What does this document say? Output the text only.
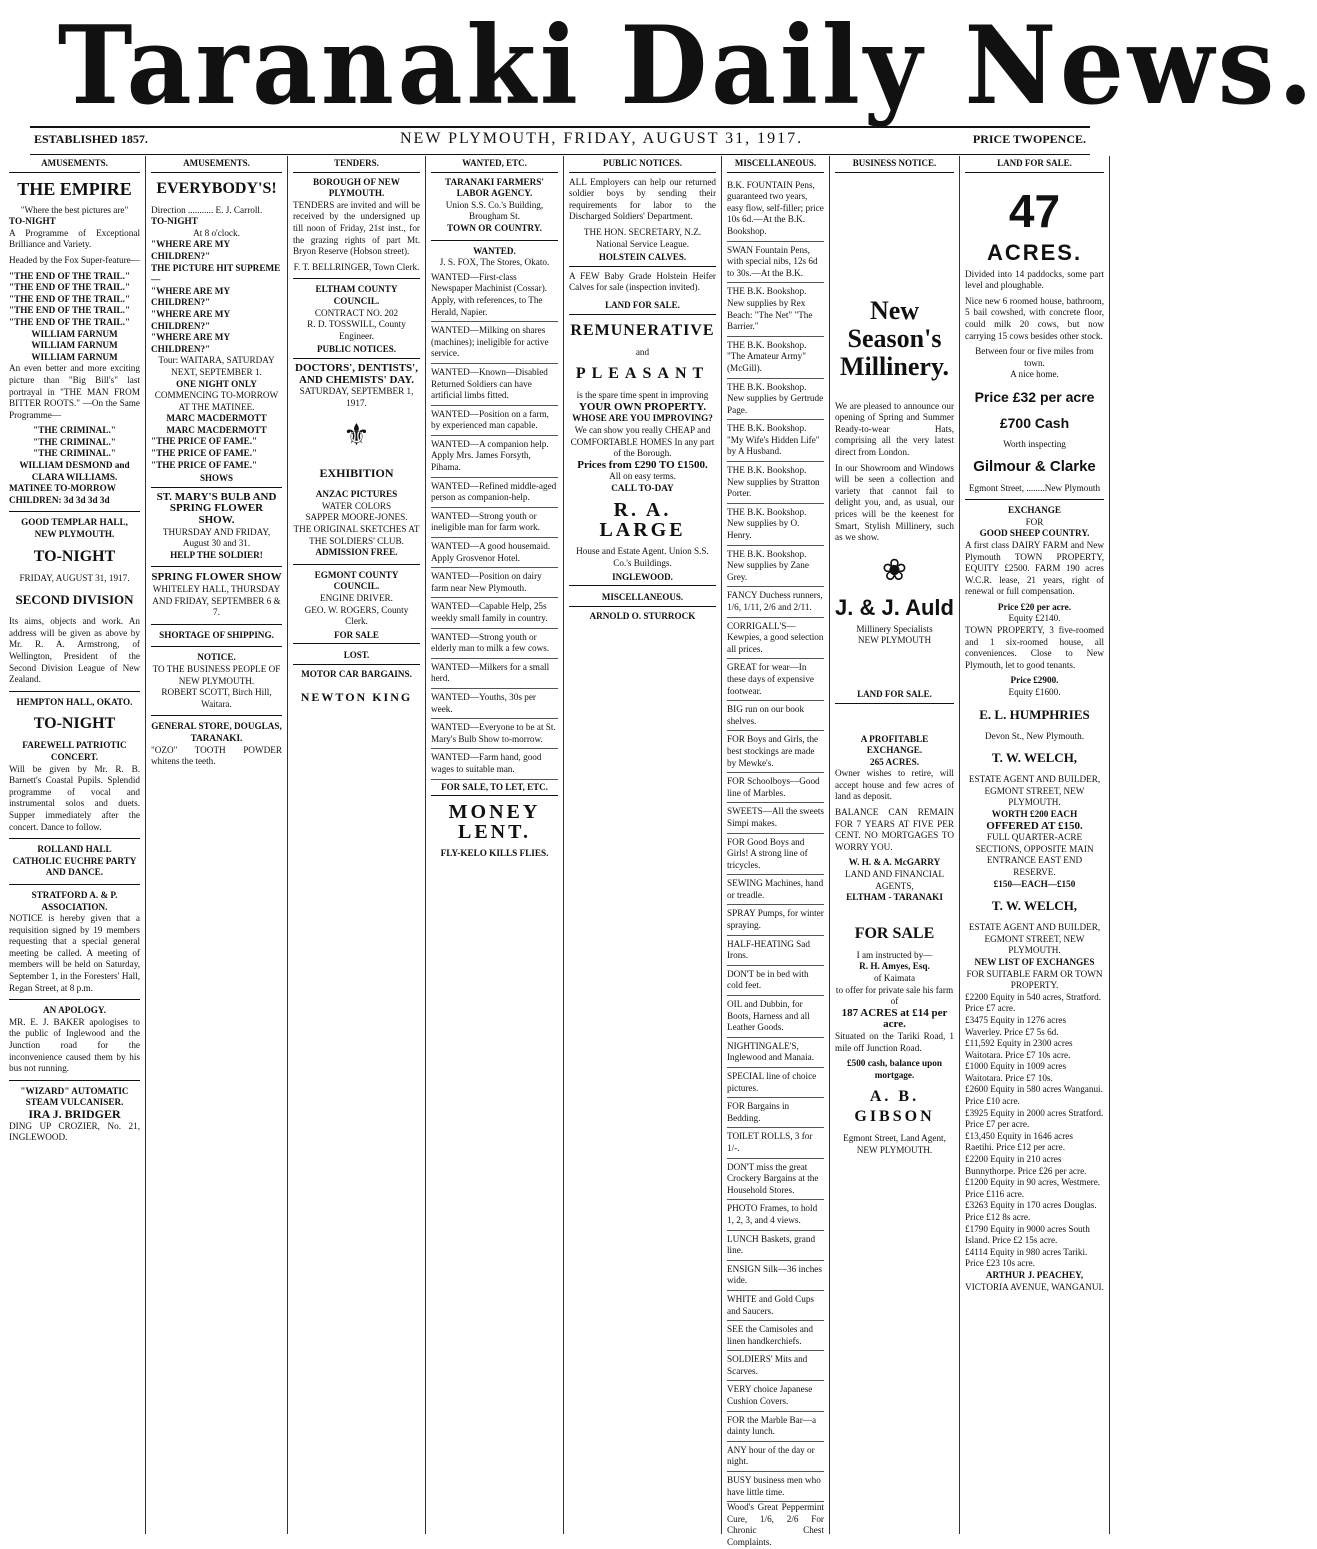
Taranaki Daily News.
ESTABLISHED 1857.	NEW PLYMOUTH, FRIDAY, AUGUST 31, 1917.	PRICE TWOPENCE.
AMUSEMENTS.
THE EMPIRE
"Where the best pictures are"
TO-NIGHT
A Programme of Exceptional Brilliance and Variety.
Headed by the Fox Super-feature—
"THE END OF THE TRAIL."
"THE END OF THE TRAIL."
"THE END OF THE TRAIL."
"THE END OF THE TRAIL."
"THE END OF THE TRAIL."
WILLIAM FARNUM
WILLIAM FARNUM
WILLIAM FARNUM
An even better and more exciting picture than "Big Bill's" last portrayal in "THE MAN FROM BITTER ROOTS." —On the Same Programme—
"THE CRIMINAL."
"THE CRIMINAL."
"THE CRIMINAL."
WILLIAM DESMOND and CLARA WILLIAMS.
MATINEE TO-MORROW
CHILDREN: 3d 3d 3d 3d
GOOD TEMPLAR HALL, NEW PLYMOUTH.
TO-NIGHT
FRIDAY, AUGUST 31, 1917.
SECOND DIVISION
Its aims, objects and work. An address will be given as above by Mr. R. A. Armstrong, of Wellington, President of the Second Division League of New Zealand.
HEMPTON HALL, OKATO.
TO-NIGHT
FAREWELL PATRIOTIC CONCERT.
Will be given by Mr. R. B. Barnett's Coastal Pupils. Splendid programme of vocal and instrumental solos and duets. Supper immediately after the concert. Dance to follow.
ROLLAND HALL
CATHOLIC EUCHRE PARTY AND DANCE.
STRATFORD A. & P. ASSOCIATION.
NOTICE is hereby given that a requisition signed by 19 members requesting that a special general meeting be called. A meeting of members will be held on Saturday, September 1, in the Foresters' Hall, Regan Street, at 8 p.m.
AN APOLOGY.
MR. E. J. BAKER apologises to the public of Inglewood and the Junction road for the inconvenience caused them by his bus not running.
"WIZARD" AUTOMATIC STEAM VULCANISER.
IRA J. BRIDGER
DING UP CROZIER, No. 21, INGLEWOOD.
AMUSEMENTS.
EVERYBODY'S!
Direction ........... E. J. Carroll.
TO-NIGHT
At 8 o'clock.
"WHERE ARE MY CHILDREN?"
THE PICTURE HIT SUPREME—
"WHERE ARE MY CHILDREN?"
"WHERE ARE MY CHILDREN?"
"WHERE ARE MY CHILDREN?"
Tour: WAITARA, SATURDAY NEXT, SEPTEMBER 1.
ONE NIGHT ONLY
COMMENCING TO-MORROW AT THE MATINEE.
MARC MACDERMOTT
MARC MACDERMOTT
"THE PRICE OF FAME."
"THE PRICE OF FAME."
"THE PRICE OF FAME."
SHOWS
ST. MARY'S BULB AND SPRING FLOWER SHOW.
THURSDAY AND FRIDAY, August 30 and 31.
HELP THE SOLDIER!
SPRING FLOWER SHOW
WHITELEY HALL, THURSDAY AND FRIDAY, SEPTEMBER 6 & 7.
SHORTAGE OF SHIPPING.
NOTICE.
TO THE BUSINESS PEOPLE OF NEW PLYMOUTH.
ROBERT SCOTT, Birch Hill, Waitara.
GENERAL STORE, DOUGLAS, TARANAKI.
"OZO" TOOTH POWDER whitens the teeth.
TENDERS.
BOROUGH OF NEW PLYMOUTH.
TENDERS are invited and will be received by the undersigned up till noon of Friday, 21st inst., for the grazing rights of part Mt. Bryon Reserve (Hobson street).
F. T. BELLRINGER, Town Clerk.
ELTHAM COUNTY COUNCIL.
CONTRACT NO. 202
R. D. TOSSWILL, County Engineer.
PUBLIC NOTICES.
DOCTORS', DENTISTS', AND CHEMISTS' DAY.
SATURDAY, SEPTEMBER 1, 1917.
⚜
EXHIBITION
ANZAC PICTURES
WATER COLORS
SAPPER MOORE-JONES.
THE ORIGINAL SKETCHES AT THE SOLDIERS' CLUB.
ADMISSION FREE.
EGMONT COUNTY COUNCIL.
ENGINE DRIVER.
GEO. W. ROGERS, County Clerk.
FOR SALE
LOST.
MOTOR CAR BARGAINS.
NEWTON KING
WANTED, ETC.
TARANAKI FARMERS' LABOR AGENCY.
Union S.S. Co.'s Building, Brougham St.
TOWN OR COUNTRY.
WANTED.
J. S. FOX, The Stores, Okato.
WANTED—First-class Newspaper Machinist (Cossar). Apply, with references, to The Herald, Napier.
WANTED—Milking on shares (machines); ineligible for active service.
WANTED—Known—Disabled Returned Soldiers can have artificial limbs fitted.
WANTED—Position on a farm, by experienced man capable.
WANTED—A companion help. Apply Mrs. James Forsyth, Pihama.
WANTED—Refined middle-aged person as companion-help.
WANTED—Strong youth or ineligible man for farm work.
WANTED—A good housemaid. Apply Grosvenor Hotel.
WANTED—Position on dairy farm near New Plymouth.
WANTED—Capable Help, 25s weekly small family in country.
WANTED—Strong youth or elderly man to milk a few cows.
WANTED—Milkers for a small herd.
WANTED—Youths, 30s per week.
WANTED—Everyone to be at St. Mary's Bulb Show to-morrow.
WANTED—Farm hand, good wages to suitable man.
FOR SALE, TO LET, ETC.
MONEY LENT.
FLY-KELO KILLS FLIES.
PUBLIC NOTICES.
ALL Employers can help our returned soldier boys by sending their requirements for labor to the Discharged Soldiers' Department.
THE HON. SECRETARY, N.Z. National Service League.
HOLSTEIN CALVES.
A FEW Baby Grade Holstein Heifer Calves for sale (inspection invited).
LAND FOR SALE.
REMUNERATIVE
and
PLEASANT
is the spare time spent in improving
YOUR OWN PROPERTY.
WHOSE ARE YOU IMPROVING?
We can show you really CHEAP and COMFORTABLE HOMES In any part of the Borough.
Prices from £290 TO £1500.
All on easy terms.
CALL TO-DAY
R. A. LARGE
House and Estate Agent. Union S.S. Co.'s Buildings.
INGLEWOOD.
MISCELLANEOUS.
ARNOLD O. STURROCK
MISCELLANEOUS.
B.K. FOUNTAIN Pens, guaranteed two years, easy flow, self-filler; price 10s 6d.—At the B.K. Bookshop.
SWAN Fountain Pens, with special nibs, 12s 6d to 30s.—At the B.K.
THE B.K. Bookshop. New supplies by Rex Beach: "The Net" "The Barrier."
THE B.K. Bookshop. "The Amateur Army" (McGill).
THE B.K. Bookshop. New supplies by Gertrude Page.
THE B.K. Bookshop. "My Wife's Hidden Life" by A Husband.
THE B.K. Bookshop. New supplies by Stratton Porter.
THE B.K. Bookshop. New supplies by O. Henry.
THE B.K. Bookshop. New supplies by Zane Grey.
FANCY Duchess runners, 1/6, 1/11, 2/6 and 2/11.
CORRIGALL'S—Kewpies, a good selection all prices.
GREAT for wear—In these days of expensive footwear.
BIG run on our book shelves.
FOR Boys and Girls, the best stockings are made by Mewke's.
FOR Schoolboys—Good line of Marbles.
SWEETS—All the sweets Simpi makes.
FOR Good Boys and Girls! A strong line of tricycles.
SEWING Machines, hand or treadle.
SPRAY Pumps, for winter spraying.
HALF-HEATING Sad Irons.
DON'T be in bed with cold feet.
OIL and Dubbin, for Boots, Harness and all Leather Goods.
NIGHTINGALE'S, Inglewood and Manaia.
SPECIAL line of choice pictures.
FOR Bargains in Bedding.
TOILET ROLLS, 3 for 1/-.
DON'T miss the great Crockery Bargains at the Household Stores.
PHOTO Frames, to hold 1, 2, 3, and 4 views.
LUNCH Baskets, grand line.
ENSIGN Silk—36 inches wide.
WHITE and Gold Cups and Saucers.
SEE the Camisoles and linen handkerchiefs.
SOLDIERS' Mits and Scarves.
VERY choice Japanese Cushion Covers.
FOR the Marble Bar—a dainty lunch.
ANY hour of the day or night.
BUSY business men who have little time.
Wood's Great Peppermint Cure, 1/6, 2/6 For Chronic Chest Complaints.
BUSINESS NOTICE.
New
Season's
Millinery.
We are pleased to announce our opening of Spring and Summer Ready-to-wear Hats, comprising all the very latest direct from London.
In our Showroom and Windows will be seen a collection and variety that cannot fail to delight you, and, as usual, our prices will be the keenest for Smart, Stylish Millinery, such as we show.
❀
J. & J. Auld
Millinery Specialists
NEW PLYMOUTH
LAND FOR SALE.
A PROFITABLE EXCHANGE.
265 ACRES.
Owner wishes to retire, will accept house and few acres of land as deposit.
BALANCE CAN REMAIN FOR 7 YEARS AT FIVE PER CENT. NO MORTGAGES TO WORRY YOU.
W. H. & A. McGARRY
LAND AND FINANCIAL AGENTS,
ELTHAM - TARANAKI
FOR SALE
I am instructed by—
R. H. Amyes, Esq.
of Kaimata
to offer for private sale his farm of
187 ACRES at £14 per acre.
Situated on the Tariki Road, 1 mile off Junction Road.
£500 cash, balance upon mortgage.
A. B. GIBSON
Egmont Street, Land Agent, NEW PLYMOUTH.
LAND FOR SALE.
47
ACRES.
Divided into 14 paddocks, some part level and ploughable.
Nice new 6 roomed house, bathroom, 5 bail cowshed, with concrete floor, could milk 20 cows, but now carrying 15 cows besides other stock.
Between four or five miles from town.
A nice home.
Price £32 per acre
£700 Cash
Worth inspecting
Gilmour & Clarke
Egmont Street, ........New Plymouth
EXCHANGE
FOR
GOOD SHEEP COUNTRY.
A first class DAIRY FARM and New Plymouth TOWN PROPERTY, EQUITY £2500. FARM 190 acres W.C.R. lease, 21 years, right of renewal or full compensation.
Price £20 per acre.
Equity £2140.
TOWN PROPERTY, 3 five-roomed and 1 six-roomed house, all conveniences. Close to New Plymouth, let to good tenants.
Price £2900.
Equity £1600.
E. L. HUMPHRIES
Devon St., New Plymouth.
T. W. WELCH,
ESTATE AGENT AND BUILDER, EGMONT STREET, NEW PLYMOUTH.
WORTH £200 EACH
OFFERED AT £150.
FULL QUARTER-ACRE SECTIONS, OPPOSITE MAIN ENTRANCE EAST END RESERVE.
£150—EACH—£150
T. W. WELCH,
ESTATE AGENT AND BUILDER, EGMONT STREET, NEW PLYMOUTH.
NEW LIST OF EXCHANGES
FOR SUITABLE FARM OR TOWN PROPERTY.
£2200 Equity in 540 acres, Stratford. Price £7 acre.
£3475 Equity in 1276 acres Waverley. Price £7 5s 6d.
£11,592 Equity in 2300 acres Waitotara. Price £7 10s acre.
£1000 Equity in 1009 acres Waitotara. Price £7 10s.
£2600 Equity in 580 acres Wanganui. Price £10 acre.
£3925 Equity in 2000 acres Stratford. Price £7 per acre.
£13,450 Equity in 1646 acres Raetihi. Price £12 per acre.
£2200 Equity in 210 acres Bunnythorpe. Price £26 per acre.
£1200 Equity in 90 acres, Westmere. Price £116 acre.
£3263 Equity in 170 acres Douglas. Price £12 8s acre.
£1790 Equity in 9000 acres South Island. Price £2 15s acre.
£4114 Equity in 980 acres Tariki. Price £23 10s acre.
ARTHUR J. PEACHEY,
VICTORIA AVENUE, WANGANUI.
